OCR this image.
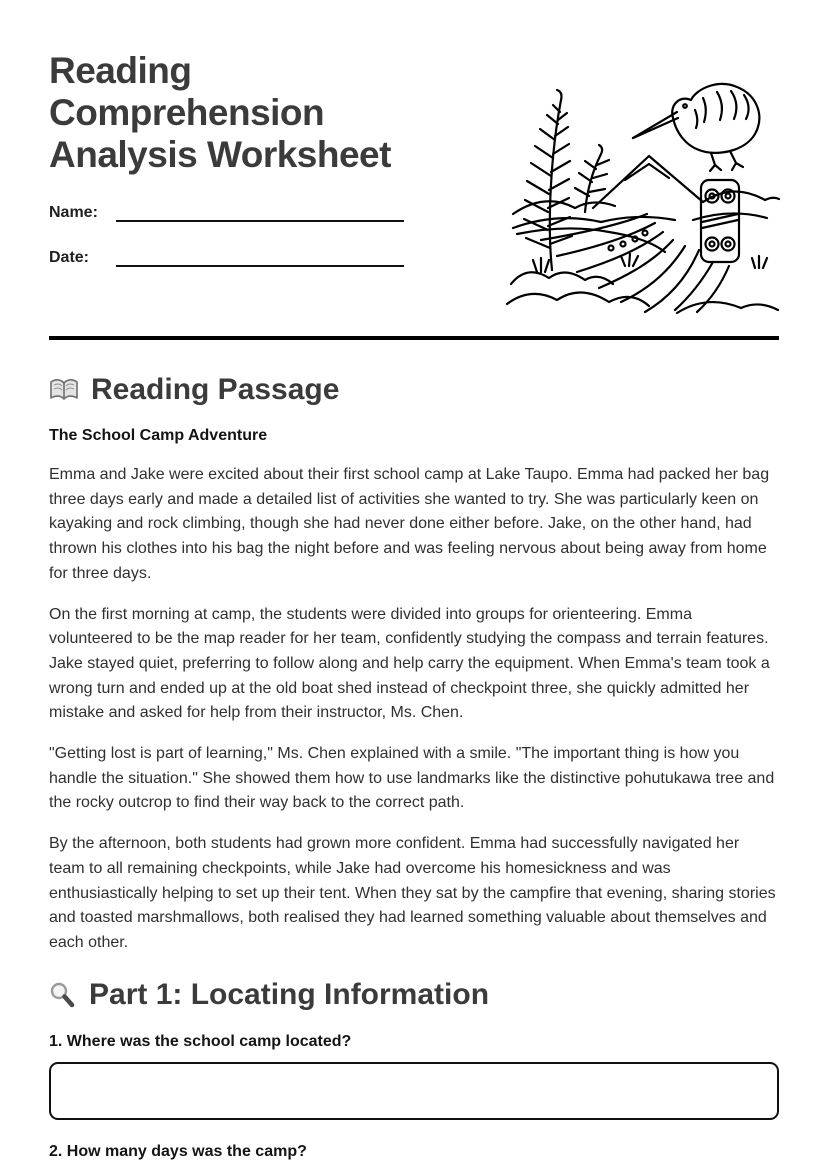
Reading Comprehension Analysis Worksheet
Name:
Date:
Reading Passage

The School Camp Adventure

Emma and Jake were excited about their first school camp at Lake Taupo. Emma had packed her bag three days early and made a detailed list of activities she wanted to try. She was particularly keen on kayaking and rock climbing, though she had never done either before. Jake, on the other hand, had thrown his clothes into his bag the night before and was feeling nervous about being away from home for three days.

On the first morning at camp, the students were divided into groups for orienteering. Emma volunteered to be the map reader for her team, confidently studying the compass and terrain features. Jake stayed quiet, preferring to follow along and help carry the equipment. When Emma's team took a wrong turn and ended up at the old boat shed instead of checkpoint three, she quickly admitted her mistake and asked for help from their instructor, Ms. Chen.

"Getting lost is part of learning," Ms. Chen explained with a smile. "The important thing is how you handle the situation." She showed them how to use landmarks like the distinctive pohutukawa tree and the rocky outcrop to find their way back to the correct path.

By the afternoon, both students had grown more confident. Emma had successfully navigated her team to all remaining checkpoints, while Jake had overcome his homesickness and was enthusiastically helping to set up their tent. When they sat by the campfire that evening, sharing stories and toasted marshmallows, both realised they had learned something valuable about themselves and each other.

Part 1: Locating Information

1. Where was the school camp located?

2. How many days was the camp?
